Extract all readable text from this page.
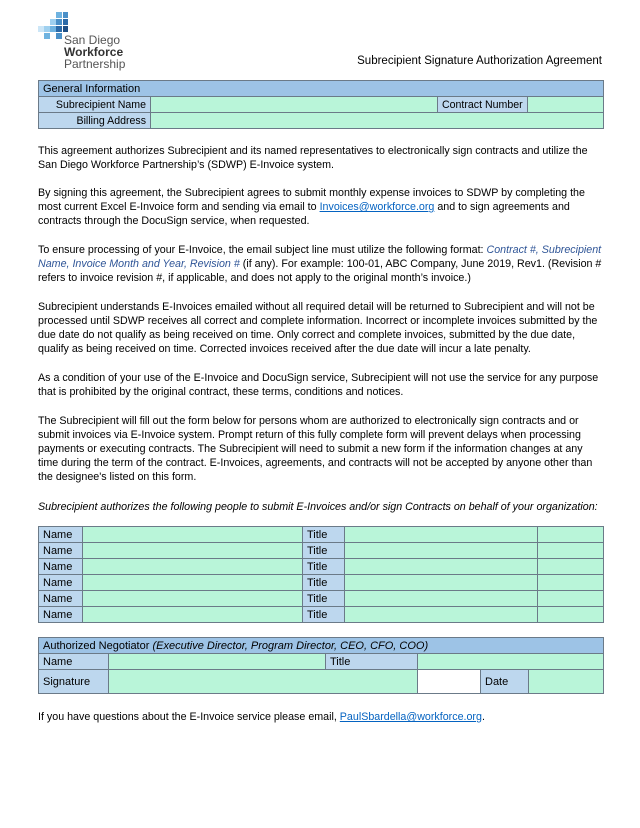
San Diego
Workforce
Partnership	Subrecipient Signature Authorization Agreement
General Information			
Subrecipient Name		Contract Number	
Billing Address			
This agreement authorizes Subrecipient and its named representatives to electronically sign contracts and utilize the San Diego Workforce Partnership’s (SDWP) E-Invoice system.
By signing this agreement, the Subrecipient agrees to submit monthly expense invoices to SDWP by completing the most current Excel E-Invoice form and sending via email to Invoices@workforce.org and to sign agreements and contracts through the DocuSign service, when requested.
To ensure processing of your E-Invoice, the email subject line must utilize the following format: Contract #, Subrecipient Name, Invoice Month and Year, Revision # (if any). For example: 100-01, ABC Company, June 2019, Rev1. (Revision # refers to invoice revision #, if applicable, and does not apply to the original month’s invoice.)
Subrecipient understands E-Invoices emailed without all required detail will be returned to Subrecipient and will not be processed until SDWP receives all correct and complete information. Incorrect or incomplete invoices submitted by the due date do not qualify as being received on time. Only correct and complete invoices, submitted by the due date, qualify as being received on time. Corrected invoices received after the due date will incur a late penalty.
As a condition of your use of the E-Invoice and DocuSign service, Subrecipient will not use the service for any purpose that is prohibited by the original contract, these terms, conditions and notices.
The Subrecipient will fill out the form below for persons whom are authorized to electronically sign contracts and or submit invoices via E-Invoice system. Prompt return of this fully complete form will prevent delays when processing payments or executing contracts. The Subrecipient will need to submit a new form if the information changes at any time during the term of the contract. E-Invoices, agreements, and contracts will not be accepted by anyone other than the designee's listed on this form.
Subrecipient authorizes the following people to submit E-Invoices and/or sign Contracts on behalf of your organization:
Name		Title		
Name		Title		
Name		Title		
Name		Title		
Name		Title		
Name		Title		
Authorized Negotiator (Executive Director, Program Director, CEO, CFO, COO)					
Name		Title			
Signature				Date	
If you have questions about the E-Invoice service please email, PaulSbardella@workforce.org.
